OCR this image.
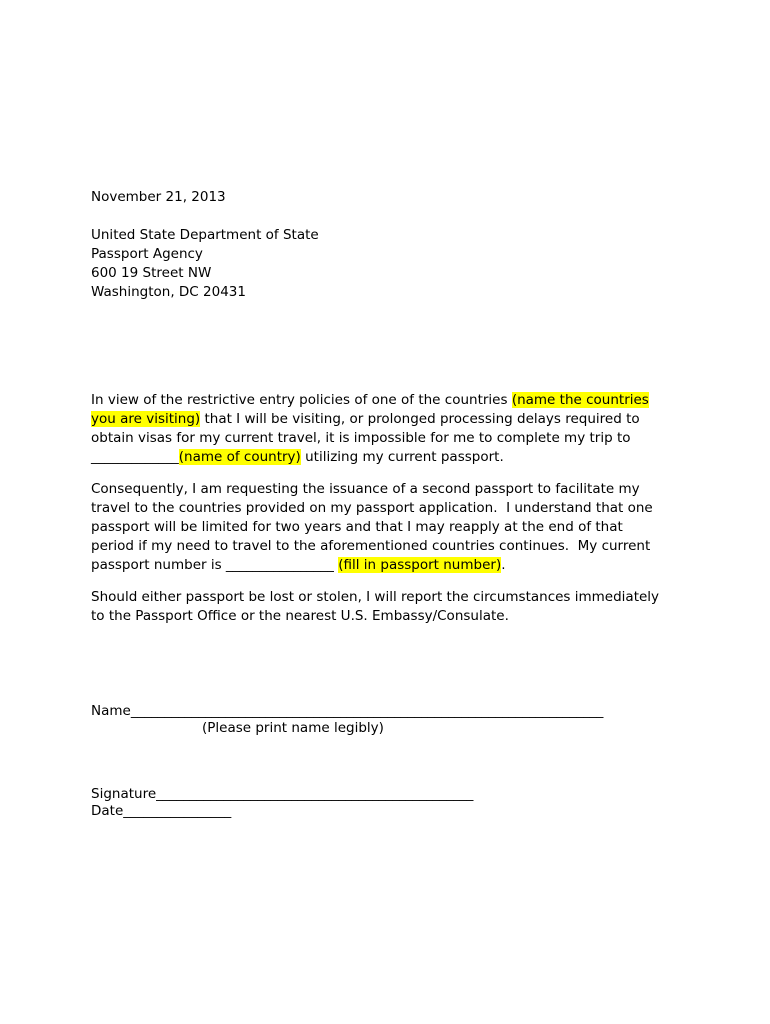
November 21, 2013
United State Department of State
Passport Agency
600 19 Street NW
Washington, DC 20431
In view of the restrictive entry policies of one of the countries (name the countries
you are visiting) that I will be visiting, or prolonged processing delays required to
obtain visas for my current travel, it is impossible for me to complete my trip to
_____________(name of country) utilizing my current passport.
Consequently, I am requesting the issuance of a second passport to facilitate my
travel to the countries provided on my passport application.  I understand that one
passport will be limited for two years and that I may reapply at the end of that
period if my need to travel to the aforementioned countries continues.  My current
passport number is ________________ (fill in passport number).
Should either passport be lost or stolen, I will report the circumstances immediately
to the Passport Office or the nearest U.S. Embassy/Consulate.
Name______________________________________________________________________
(Please print name legibly)
Signature_______________________________________________
Date________________
